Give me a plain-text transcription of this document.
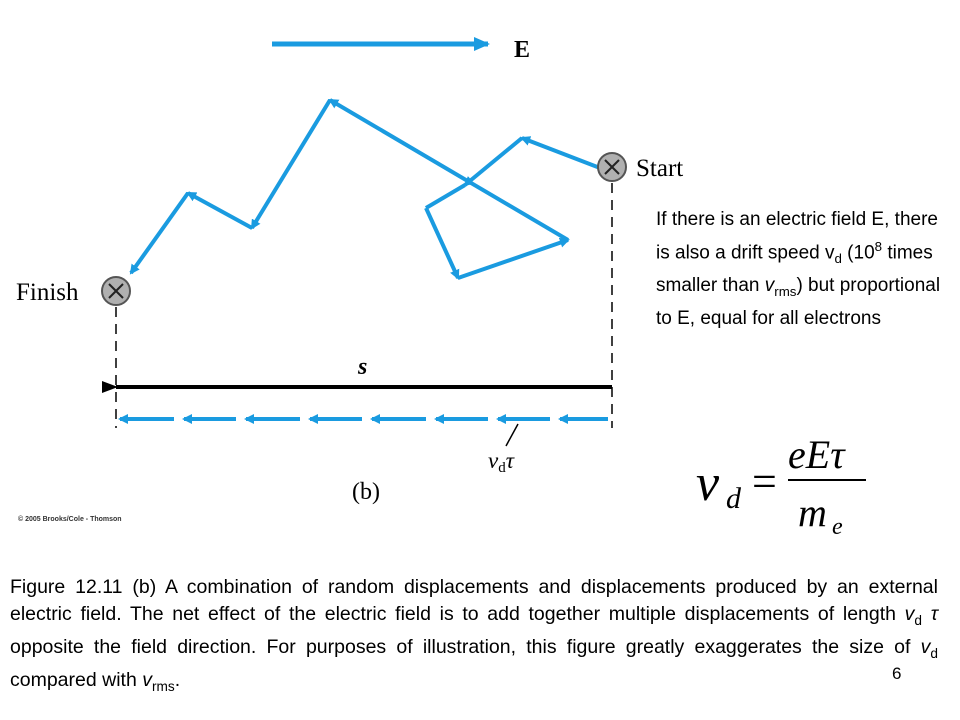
E
Start
Finish
s
vdτ
(b)
© 2005 Brooks/Cole - Thomson
If there is an electric field E, there is also a drift speed $v_d$ ($10^8$ times smaller than $v_{rms}$) but proportional to E, equal for all electrons
v d =
eEτ
m e
Figure 12.11 (b) A combination of random displacements and displacements produced by an external electric field. The net effect of the electric field is to add together multiple displacements of length $v_d$ τ opposite the field direction. For purposes of illustration, this figure greatly exaggerates the size of $v_d$ compared with $v_{rms}$.	6
